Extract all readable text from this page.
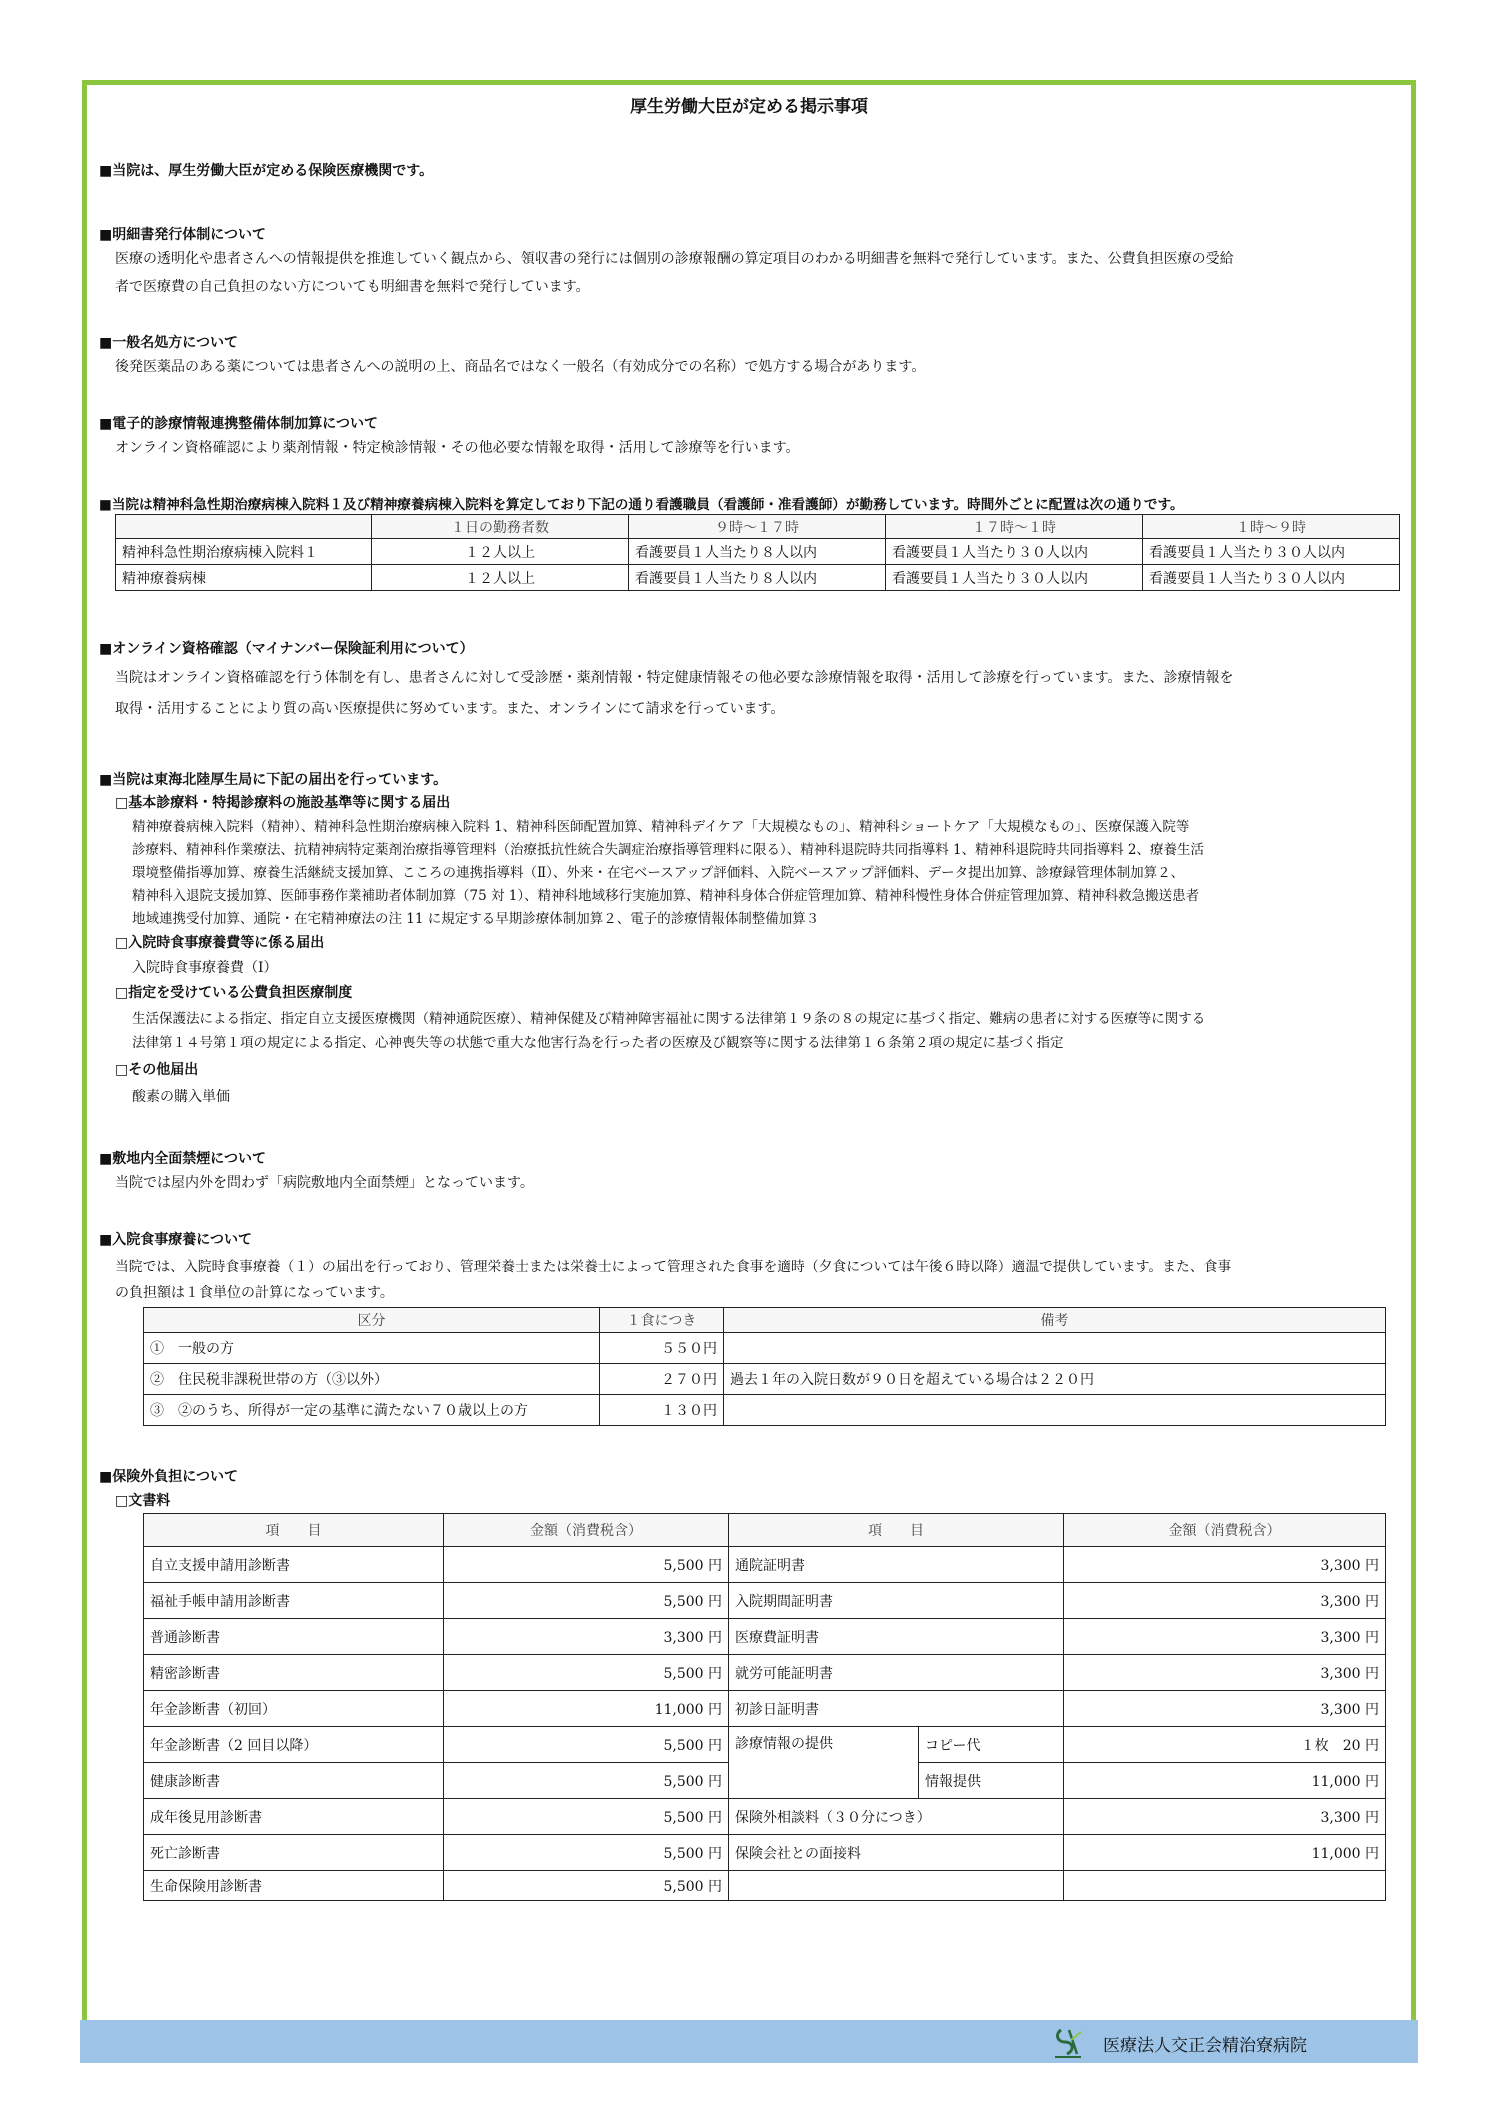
厚生労働大臣が定める掲示事項
■当院は、厚生労働大臣が定める保険医療機関です。
■明細書発行体制について
医療の透明化や患者さんへの情報提供を推進していく観点から、領収書の発行には個別の診療報酬の算定項目のわかる明細書を無料で発行しています。また、公費負担医療の受給
者で医療費の自己負担のない方についても明細書を無料で発行しています。
■一般名処方について
後発医薬品のある薬については患者さんへの説明の上、商品名ではなく一般名（有効成分での名称）で処方する場合があります。
■電子的診療情報連携整備体制加算について
オンライン資格確認により薬剤情報・特定検診情報・その他必要な情報を取得・活用して診療等を行います。
■当院は精神科急性期治療病棟入院料１及び精神療養病棟入院料を算定しており下記の通り看護職員（看護師・准看護師）が勤務しています。時間外ごとに配置は次の通りです。
	１日の勤務者数	９時～１７時	１７時～１時	１時～９時
精神科急性期治療病棟入院料１	１２人以上	看護要員１人当たり８人以内	看護要員１人当たり３０人以内	看護要員１人当たり３０人以内
精神療養病棟	１２人以上	看護要員１人当たり８人以内	看護要員１人当たり３０人以内	看護要員１人当たり３０人以内
■オンライン資格確認（マイナンバー保険証利用について）
当院はオンライン資格確認を行う体制を有し、患者さんに対して受診歴・薬剤情報・特定健康情報その他必要な診療情報を取得・活用して診療を行っています。また、診療情報を
取得・活用することにより質の高い医療提供に努めています。また、オンラインにて請求を行っています。
■当院は東海北陸厚生局に下記の届出を行っています。
□基本診療料・特掲診療料の施設基準等に関する届出
精神療養病棟入院料（精神）、精神科急性期治療病棟入院料 1、精神科医師配置加算、精神科デイケア「大規模なもの」、精神科ショートケア「大規模なもの」、医療保護入院等
診療料、精神科作業療法、抗精神病特定薬剤治療指導管理料（治療抵抗性統合失調症治療指導管理料に限る）、精神科退院時共同指導料 1、精神科退院時共同指導料 2、療養生活
環境整備指導加算、療養生活継続支援加算、こころの連携指導料（Ⅱ）、外来・在宅ベースアップ評価料、入院ベースアップ評価料、データ提出加算、診療録管理体制加算２、
精神科入退院支援加算、医師事務作業補助者体制加算（75 対 1）、精神科地域移行実施加算、精神科身体合併症管理加算、精神科慢性身体合併症管理加算、精神科救急搬送患者
地域連携受付加算、通院・在宅精神療法の注 11 に規定する早期診療体制加算２、電子的診療情報体制整備加算３
□入院時食事療養費等に係る届出
入院時食事療養費（Ⅰ）
□指定を受けている公費負担医療制度
生活保護法による指定、指定自立支援医療機関（精神通院医療）、精神保健及び精神障害福祉に関する法律第１９条の８の規定に基づく指定、難病の患者に対する医療等に関する
法律第１４号第１項の規定による指定、心神喪失等の状態で重大な他害行為を行った者の医療及び観察等に関する法律第１６条第２項の規定に基づく指定
□その他届出
酸素の購入単価
■敷地内全面禁煙について
当院では屋内外を問わず「病院敷地内全面禁煙」となっています。
■入院食事療養について
当院では、入院時食事療養（１）の届出を行っており、管理栄養士または栄養士によって管理された食事を適時（夕食については午後６時以降）適温で提供しています。また、食事
の負担額は１食単位の計算になっています。
区分	１食につき	備考
①　一般の方	５５０円	
②　住民税非課税世帯の方（③以外）	２７０円	過去１年の入院日数が９０日を超えている場合は２２０円
③　②のうち、所得が一定の基準に満たない７０歳以上の方	１３０円	
■保険外負担について
□文書料
項　　目	金額（消費税含）	項　　目		金額（消費税含）
自立支援申請用診断書	5,500 円	通院証明書		3,300 円
福祉手帳申請用診断書	5,500 円	入院期間証明書		3,300 円
普通診断書	3,300 円	医療費証明書		3,300 円
精密診断書	5,500 円	就労可能証明書		3,300 円
年金診断書（初回）	11,000 円	初診日証明書		3,300 円
年金診断書（2 回目以降）	5,500 円	診療情報の提供	コピー代	１枚　20 円
健康診断書	5,500 円		情報提供	11,000 円
成年後見用診断書	5,500 円	保険外相談料（３０分につき）		3,300 円
死亡診断書	5,500 円	保険会社との面接料		11,000 円
生命保険用診断書	5,500 円			
医療法人交正会精治寮病院
